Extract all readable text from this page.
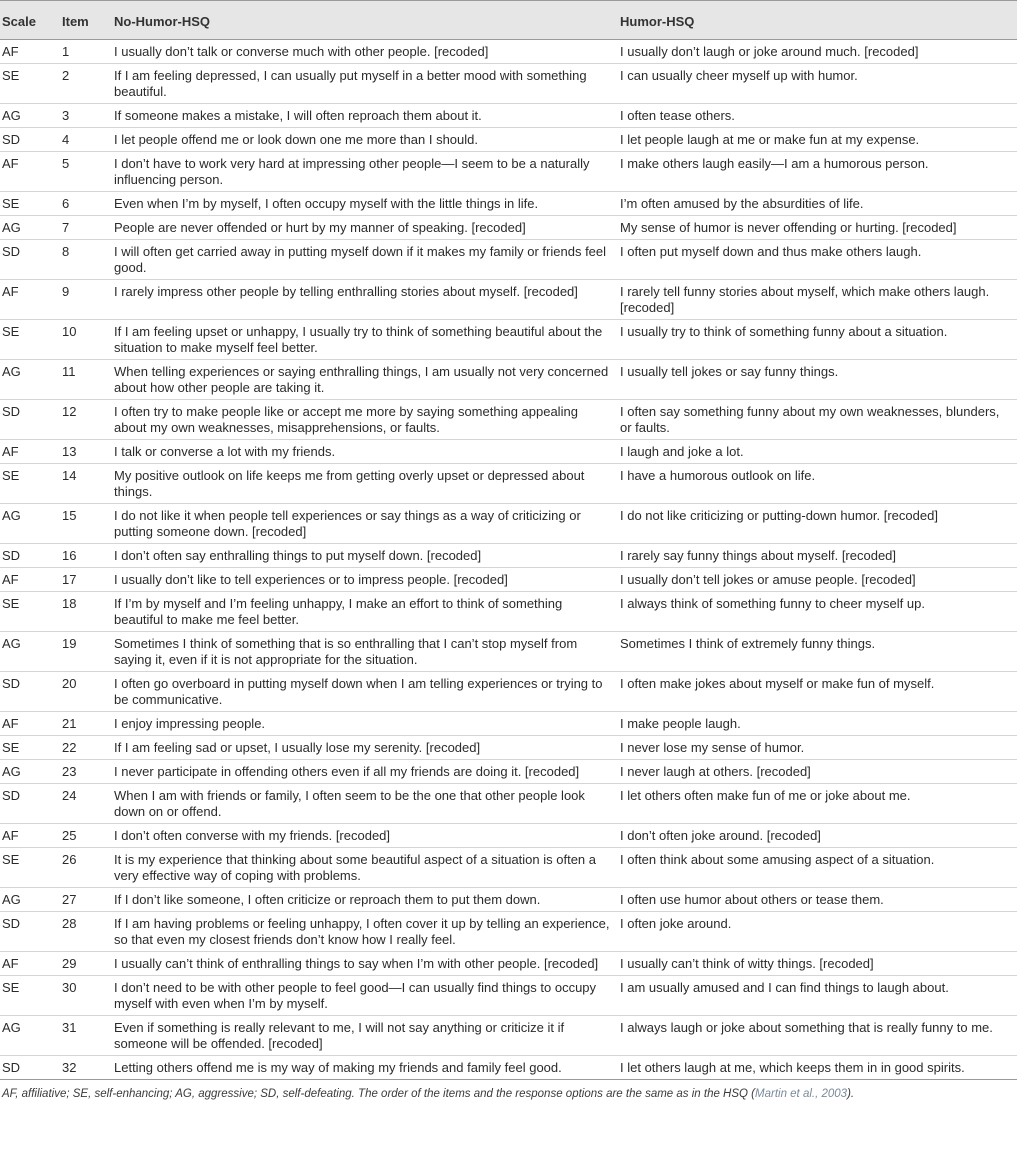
Scale	Item	No-Humor-HSQ	Humor-HSQ
AF	1	I usually don’t talk or converse much with other people. [recoded]	I usually don’t laugh or joke around much. [recoded]
SE	2	If I am feeling depressed, I can usually put myself in a better mood with something beautiful.	I can usually cheer myself up with humor.
AG	3	If someone makes a mistake, I will often reproach them about it.	I often tease others.
SD	4	I let people offend me or look down one me more than I should.	I let people laugh at me or make fun at my expense.
AF	5	I don’t have to work very hard at impressing other people—I seem to be a naturally influencing person.	I make others laugh easily—I am a humorous person.
SE	6	Even when I’m by myself, I often occupy myself with the little things in life.	I’m often amused by the absurdities of life.
AG	7	People are never offended or hurt by my manner of speaking. [recoded]	My sense of humor is never offending or hurting. [recoded]
SD	8	I will often get carried away in putting myself down if it makes my family or friends feel good.	I often put myself down and thus make others laugh.
AF	9	I rarely impress other people by telling enthralling stories about myself. [recoded]	I rarely tell funny stories about myself, which make others laugh. [recoded]
SE	10	If I am feeling upset or unhappy, I usually try to think of something beautiful about the situation to make myself feel better.	I usually try to think of something funny about a situation.
AG	11	When telling experiences or saying enthralling things, I am usually not very concerned about how other people are taking it.	I usually tell jokes or say funny things.
SD	12	I often try to make people like or accept me more by saying something appealing about my own weaknesses, misapprehensions, or faults.	I often say something funny about my own weaknesses, blunders, or faults.
AF	13	I talk or converse a lot with my friends.	I laugh and joke a lot.
SE	14	My positive outlook on life keeps me from getting overly upset or depressed about things.	I have a humorous outlook on life.
AG	15	I do not like it when people tell experiences or say things as a way of criticizing or putting someone down. [recoded]	I do not like criticizing or putting-down humor. [recoded]
SD	16	I don’t often say enthralling things to put myself down. [recoded]	I rarely say funny things about myself. [recoded]
AF	17	I usually don’t like to tell experiences or to impress people. [recoded]	I usually don’t tell jokes or amuse people. [recoded]
SE	18	If I’m by myself and I’m feeling unhappy, I make an effort to think of something beautiful to make me feel better.	I always think of something funny to cheer myself up.
AG	19	Sometimes I think of something that is so enthralling that I can’t stop myself from saying it, even if it is not appropriate for the situation.	Sometimes I think of extremely funny things.
SD	20	I often go overboard in putting myself down when I am telling experiences or trying to be communicative.	I often make jokes about myself or make fun of myself.
AF	21	I enjoy impressing people.	I make people laugh.
SE	22	If I am feeling sad or upset, I usually lose my serenity. [recoded]	I never lose my sense of humor.
AG	23	I never participate in offending others even if all my friends are doing it. [recoded]	I never laugh at others. [recoded]
SD	24	When I am with friends or family, I often seem to be the one that other people look down on or offend.	I let others often make fun of me or joke about me.
AF	25	I don’t often converse with my friends. [recoded]	I don’t often joke around. [recoded]
SE	26	It is my experience that thinking about some beautiful aspect of a situation is often a very effective way of coping with problems.	I often think about some amusing aspect of a situation.
AG	27	If I don’t like someone, I often criticize or reproach them to put them down.	I often use humor about others or tease them.
SD	28	If I am having problems or feeling unhappy, I often cover it up by telling an experience, so that even my closest friends don’t know how I really feel.	I often joke around.
AF	29	I usually can’t think of enthralling things to say when I’m with other people. [recoded]	I usually can’t think of witty things. [recoded]
SE	30	I don’t need to be with other people to feel good—I can usually find things to occupy myself with even when I’m by myself.	I am usually amused and I can find things to laugh about.
AG	31	Even if something is really relevant to me, I will not say anything or criticize it if someone will be offended. [recoded]	I always laugh or joke about something that is really funny to me.
SD	32	Letting others offend me is my way of making my friends and family feel good.	I let others laugh at me, which keeps them in in good spirits.
AF, affiliative; SE, self-enhancing; AG, aggressive; SD, self-defeating. The order of the items and the response options are the same as in the HSQ (Martin et al., 2003).
